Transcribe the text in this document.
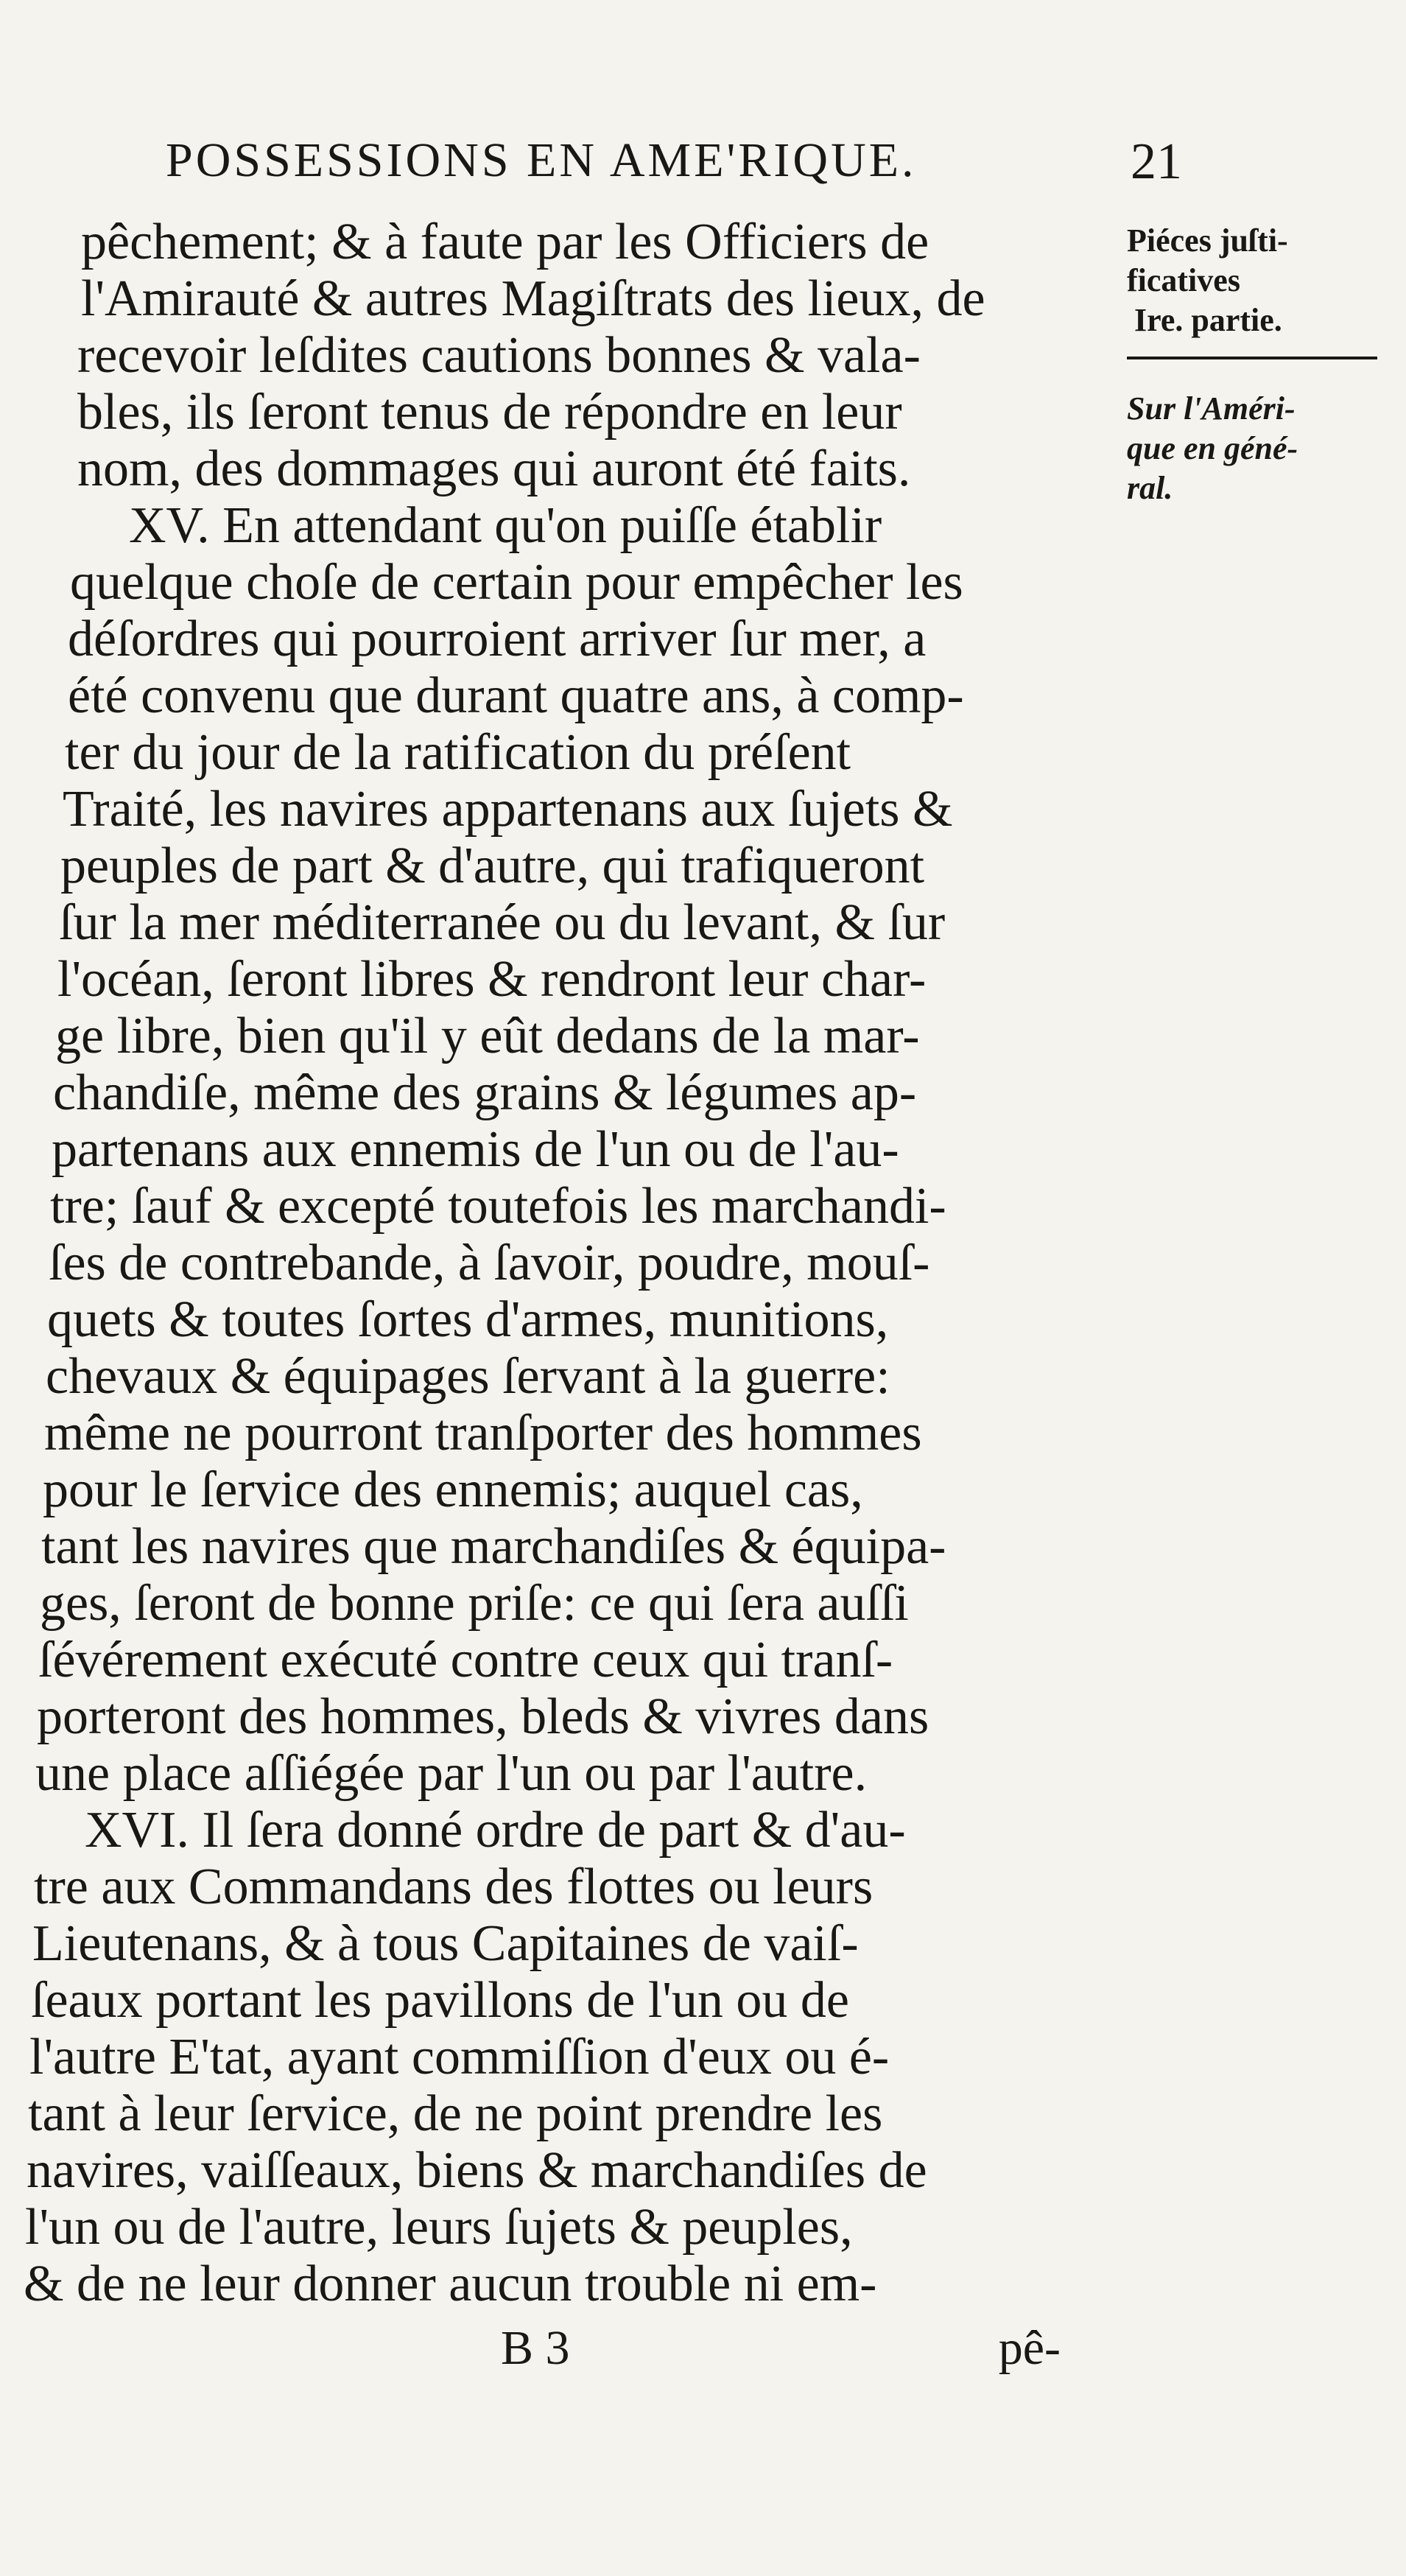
POSSESSIONS EN AME'RIQUE.	21
pêchement; & à faute par les Officiers de
l'Amirauté & autres Magiſtrats des lieux, de
recevoir leſdites cautions bonnes & vala-
bles, ils ſeront tenus de répondre en leur
nom, des dommages qui auront été faits.
XV. En attendant qu'on puiſſe établir
quelque choſe de certain pour empêcher les
déſordres qui pourroient arriver ſur mer, a
été convenu que durant quatre ans, à comp-
ter du jour de la ratification du préſent
Traité, les navires appartenans aux ſujets &
peuples de part & d'autre, qui trafiqueront
ſur la mer méditerranée ou du levant, & ſur
l'océan, ſeront libres & rendront leur char-
ge libre, bien qu'il y eût dedans de la mar-
chandiſe, même des grains & légumes ap-
partenans aux ennemis de l'un ou de l'au-
tre; ſauf & excepté toutefois les marchandi-
ſes de contrebande, à ſavoir, poudre, mouſ-
quets & toutes ſortes d'armes, munitions,
chevaux & équipages ſervant à la guerre:
même ne pourront tranſporter des hommes
pour le ſervice des ennemis; auquel cas,
tant les navires que marchandiſes & équipa-
ges, ſeront de bonne priſe: ce qui ſera auſſi
ſévérement exécuté contre ceux qui tranſ-
porteront des hommes, bleds & vivres dans
une place aſſiégée par l'un ou par l'autre.
XVI. Il ſera donné ordre de part & d'au-
tre aux Commandans des flottes ou leurs
Lieutenans, & à tous Capitaines de vaiſ-
ſeaux portant les pavillons de l'un ou de
l'autre E'tat, ayant commiſſion d'eux ou é-
tant à leur ſervice, de ne point prendre les
navires, vaiſſeaux, biens & marchandiſes de
l'un ou de l'autre, leurs ſujets & peuples,
& de ne leur donner aucun trouble ni em-
Piéces juſti-
ficatives
Ire. partie.
Sur l'Améri-
que en géné-
ral.
B 3	pê-
